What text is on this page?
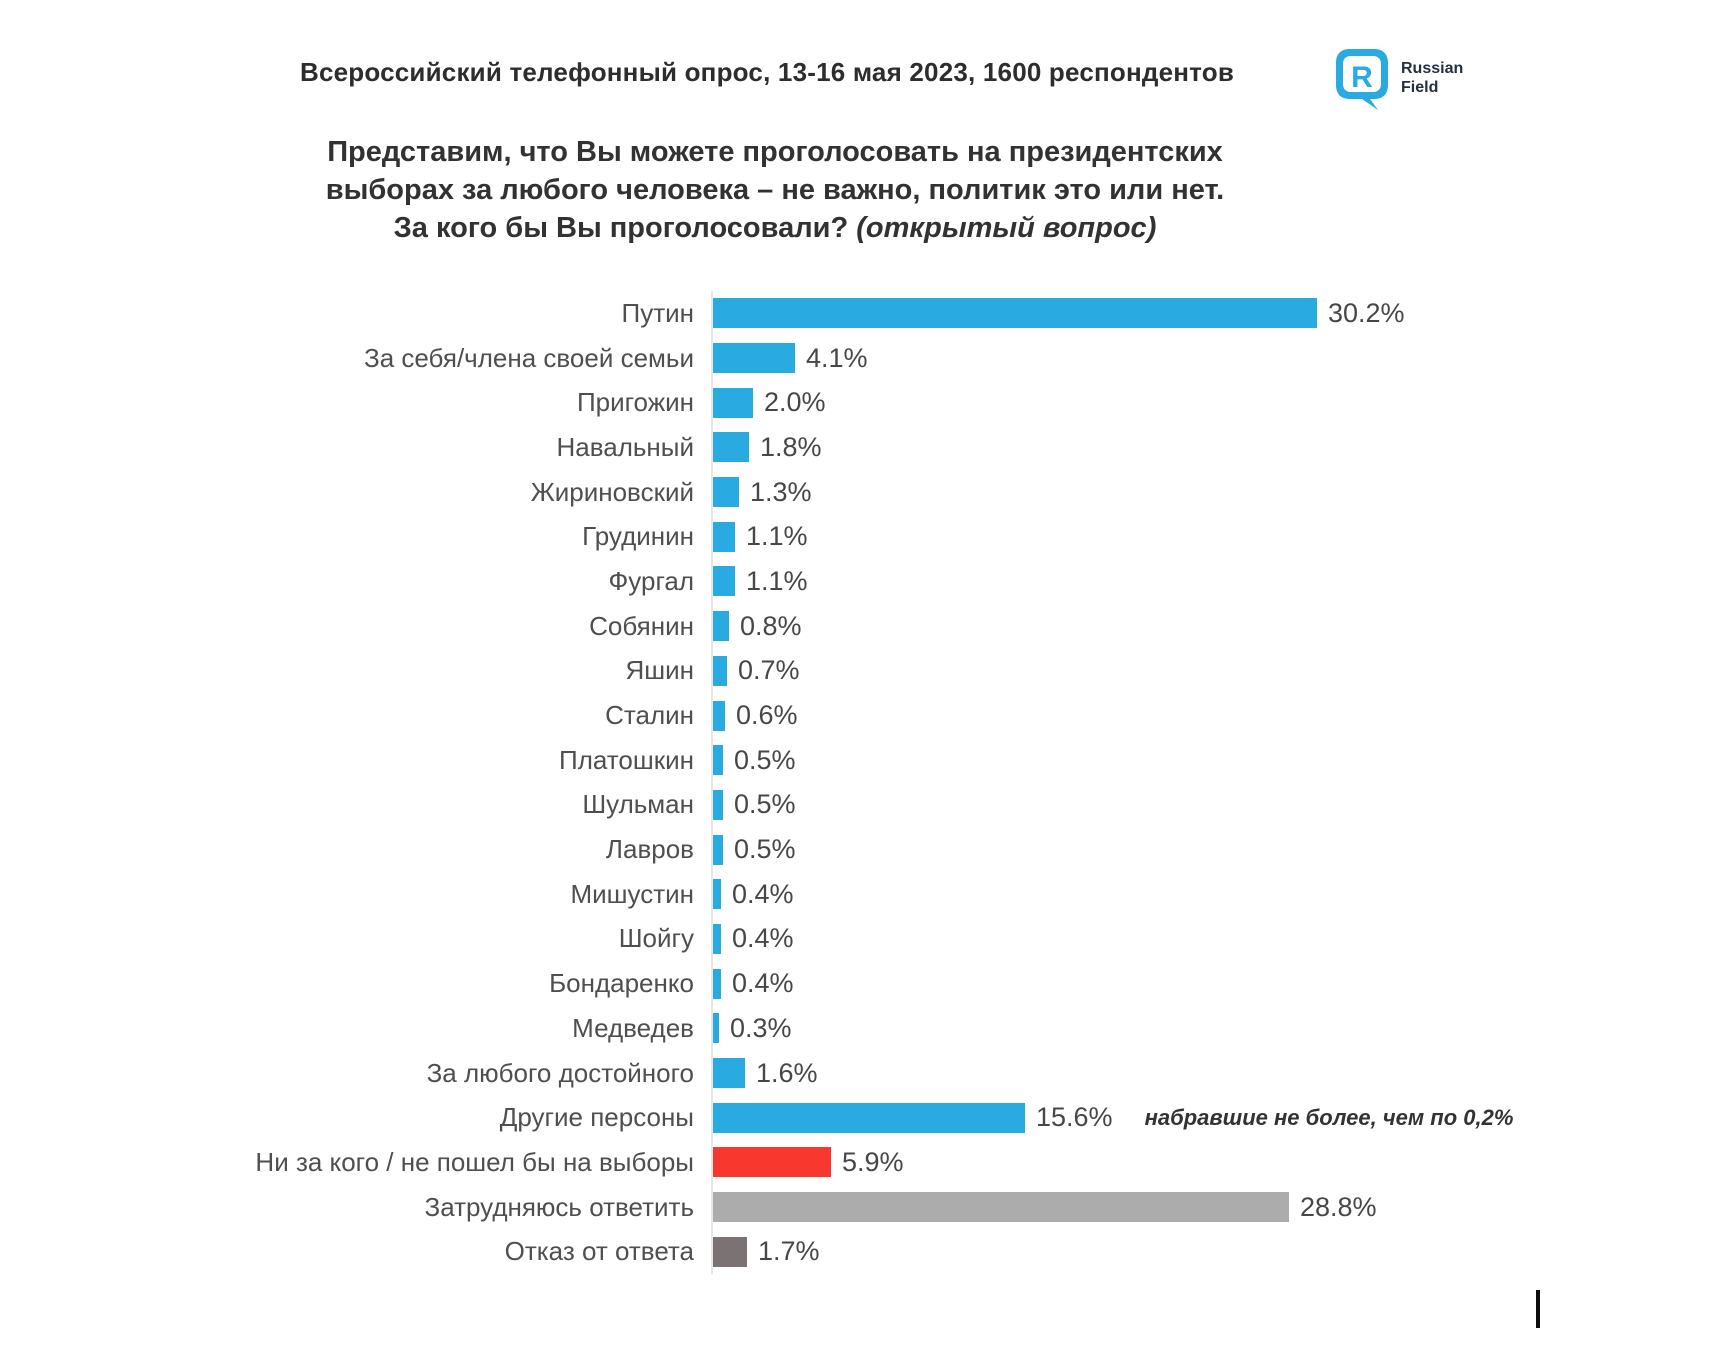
Всероссийский телефонный опрос, 13-16 мая 2023, 1600 респондентов	R Russian
Field
Представим, что Вы можете проголосовать на президентских
выборах за любого человека – не важно, политик это или нет.
За кого бы Вы проголосовали? (открытый вопрос)
Путин	30.2%
За себя/члена своей семьи	4.1%
Пригожин	2.0%
Навальный	1.8%
Жириновский	1.3%
Грудинин	1.1%
Фургал	1.1%
Собянин	0.8%
Яшин	0.7%
Сталин	0.6%
Платошкин	0.5%
Шульман	0.5%
Лавров	0.5%
Мишустин	0.4%
Шойгу	0.4%
Бондаренко	0.4%
Медведев	0.3%
За любого достойного	1.6%
Другие персоны	15.6% набравшие не более, чем по 0,2%
Ни за кого / не пошел бы на выборы	5.9%
Затрудняюсь ответить	28.8%
Отказ от ответа	1.7%
